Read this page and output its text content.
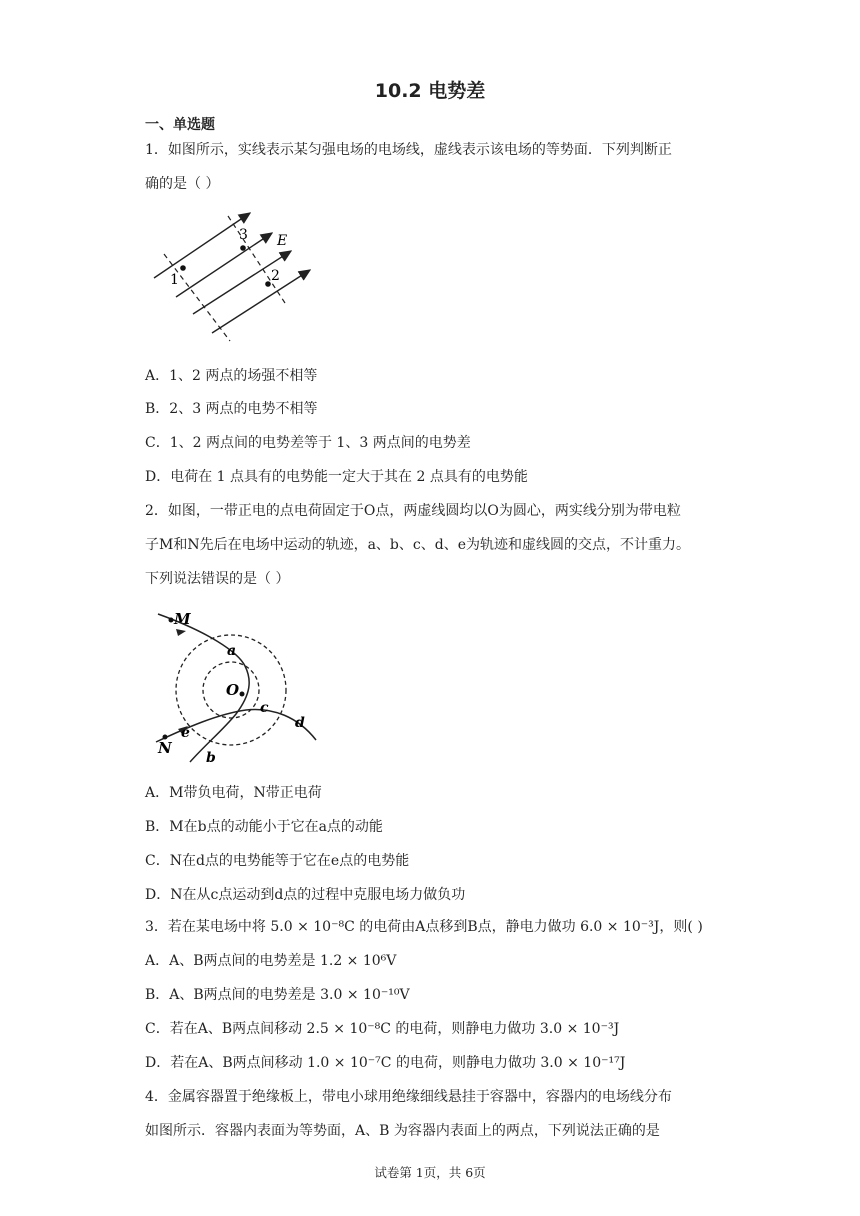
10.2 电势差
一、单选题
1．如图所示，实线表示某匀强电场的电场线，虚线表示该电场的等势面．下列判断正
确的是（ ）
1
3
2
E
A．1、2 两点的场强不相等
B．2、3 两点的电势不相等
C．1、2 两点间的电势差等于 1、3 两点间的电势差
D．电荷在 1 点具有的电势能一定大于其在 2 点具有的电势能
2．如图，一带正电的点电荷固定于O点，两虚线圆均以O为圆心，两实线分别为带电粒
子M和N先后在电场中运动的轨迹，a、b、c、d、e为轨迹和虚线圆的交点，不计重力。
下列说法错误的是（ ）
M
N
O
a
b
c
d
e
A．M带负电荷，N带正电荷
B．M在b点的动能小于它在a点的动能
C．N在d点的电势能等于它在e点的电势能
D．N在从c点运动到d点的过程中克服电场力做负功
3．若在某电场中将 5.0 × 10⁻⁸C 的电荷由A点移到B点，静电力做功 6.0 × 10⁻³J，则( )
A．A、B两点间的电势差是 1.2 × 10⁶V
B．A、B两点间的电势差是 3.0 × 10⁻¹⁰V
C．若在A、B两点间移动 2.5 × 10⁻⁸C 的电荷，则静电力做功 3.0 × 10⁻³J
D．若在A、B两点间移动 1.0 × 10⁻⁷C 的电荷，则静电力做功 3.0 × 10⁻¹⁷J
4．金属容器置于绝缘板上，带电小球用绝缘细线悬挂于容器中，容器内的电场线分布
如图所示．容器内表面为等势面，A、B 为容器内表面上的两点，下列说法正确的是
试卷第 1页，共 6页
